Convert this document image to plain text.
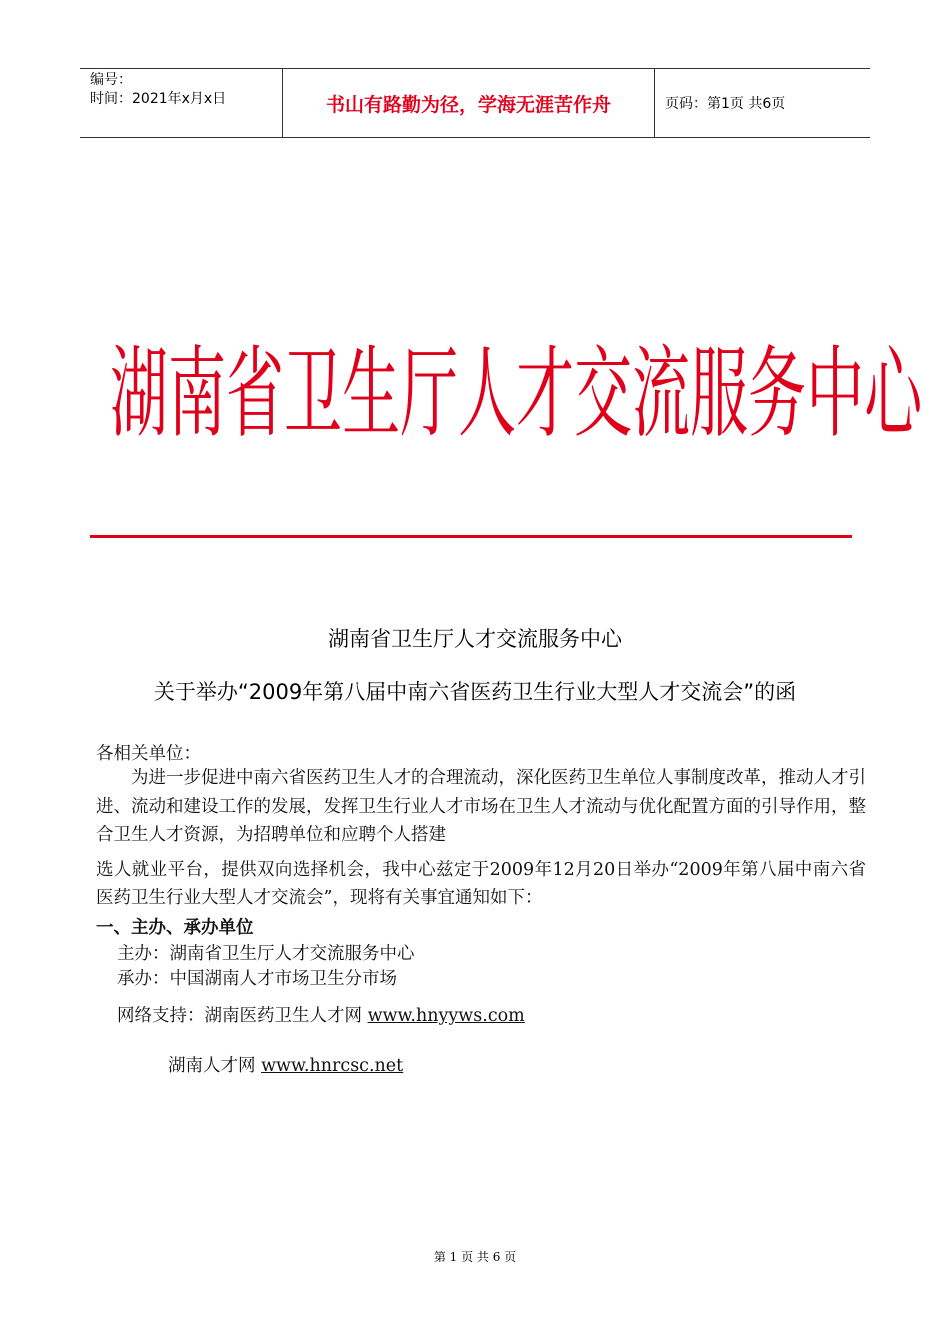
编号：
时间：2021年x月x日	书山有路勤为径，学海无涯苦作舟	页码：第1页 共6页
湖 南 省 卫 生 厅 人 才 交 流 服 务 中 心
湖南省卫生厅人才交流服务中心
关于举办“2009年第八届中南六省医药卫生行业大型人才交流会”的函
各相关单位：

为进一步促进中南六省医药卫生人才的合理流动，深化医药卫生单位人事制度改革，推动人才引进、流动和建设工作的发展，发挥卫生行业人才市场在卫生人才流动与优化配置方面的引导作用，整合卫生人才资源，为招聘单位和应聘个人搭建

选人就业平台，提供双向选择机会，我中心兹定于2009年12月20日举办“2009年第八届中南六省医药卫生行业大型人才交流会”，现将有关事宜通知如下：

一、主办、承办单位
主办：湖南省卫生厅人才交流服务中心
承办：中国湖南人才市场卫生分市场
网络支持：湖南医药卫生人才网 www.hnyyws.com
湖南人才网 www.hnrcsc.net
第 1 页 共 6 页
